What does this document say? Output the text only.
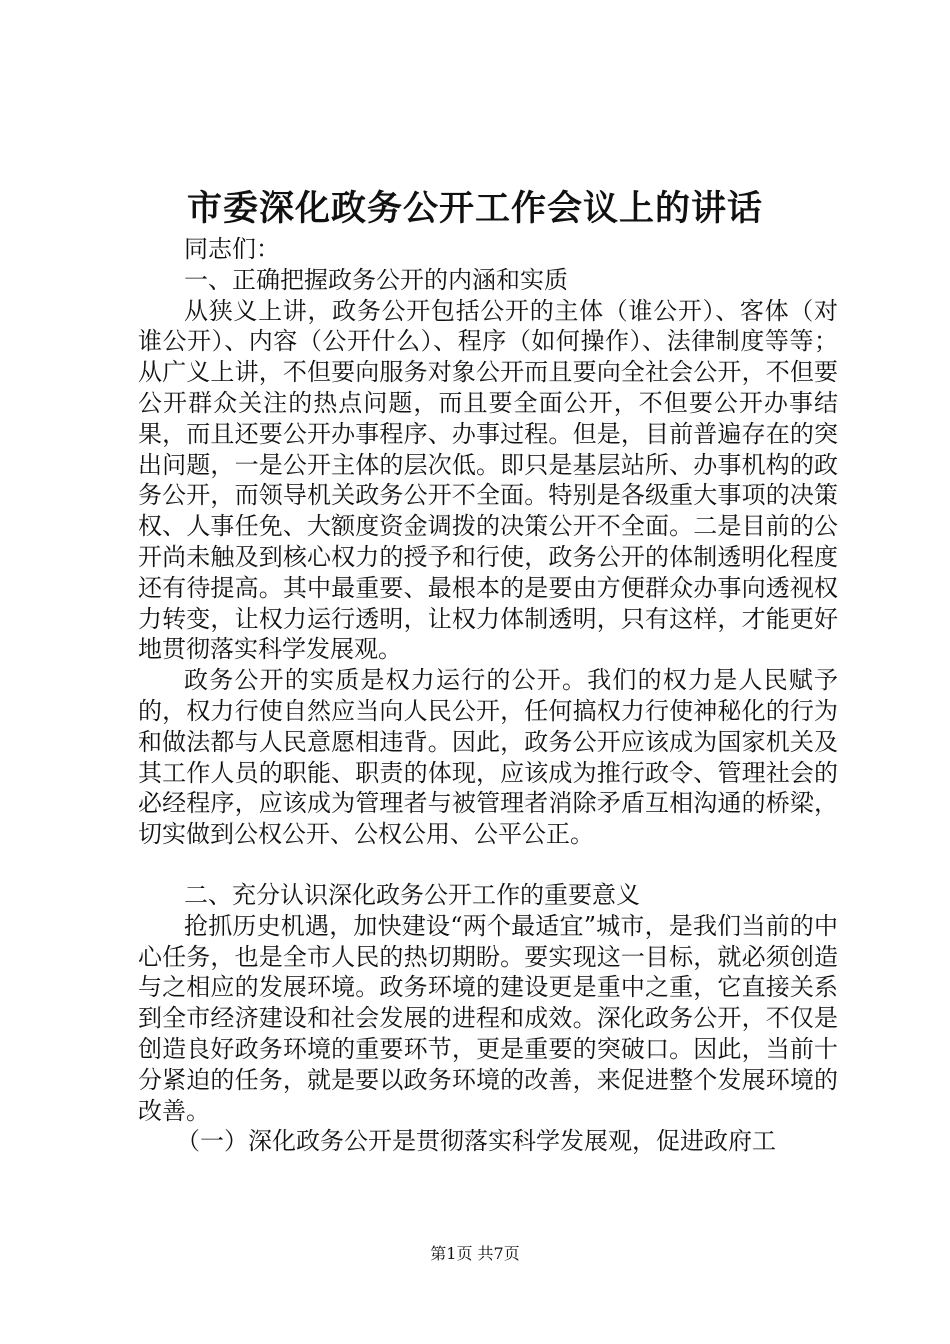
市委深化政务公开工作会议上的讲话

同志们：

一、正确把握政务公开的内涵和实质

从狭义上讲，政务公开包括公开的主体（谁公开）、客体（对谁公开）、内容（公开什么）、程序（如何操作）、法律制度等等；从广义上讲，不但要向服务对象公开而且要向全社会公开，不但要公开群众关注的热点问题，而且要全面公开，不但要公开办事结果，而且还要公开办事程序、办事过程。但是，目前普遍存在的突出问题，一是公开主体的层次低。即只是基层站所、办事机构的政务公开，而领导机关政务公开不全面。特别是各级重大事项的决策权、人事任免、大额度资金调拨的决策公开不全面。二是目前的公开尚未触及到核心权力的授予和行使，政务公开的体制透明化程度还有待提高。其中最重要、最根本的是要由方便群众办事向透视权力转变，让权力运行透明，让权力体制透明，只有这样，才能更好地贯彻落实科学发展观。

政务公开的实质是权力运行的公开。我们的权力是人民赋予的，权力行使自然应当向人民公开，任何搞权力行使神秘化的行为和做法都与人民意愿相违背。因此，政务公开应该成为国家机关及其工作人员的职能、职责的体现，应该成为推行政令、管理社会的必经程序，应该成为管理者与被管理者消除矛盾互相沟通的桥梁，切实做到公权公开、公权公用、公平公正。

二、充分认识深化政务公开工作的重要意义

抢抓历史机遇，加快建设“两个最适宜”城市，是我们当前的中心任务，也是全市人民的热切期盼。要实现这一目标，就必须创造与之相应的发展环境。政务环境的建设更是重中之重，它直接关系到全市经济建设和社会发展的进程和成效。深化政务公开，不仅是创造良好政务环境的重要环节，更是重要的突破口。因此，当前十分紧迫的任务，就是要以政务环境的改善，来促进整个发展环境的改善。

（一）深化政务公开是贯彻落实科学发展观，促进政府工

第1页 共7页
